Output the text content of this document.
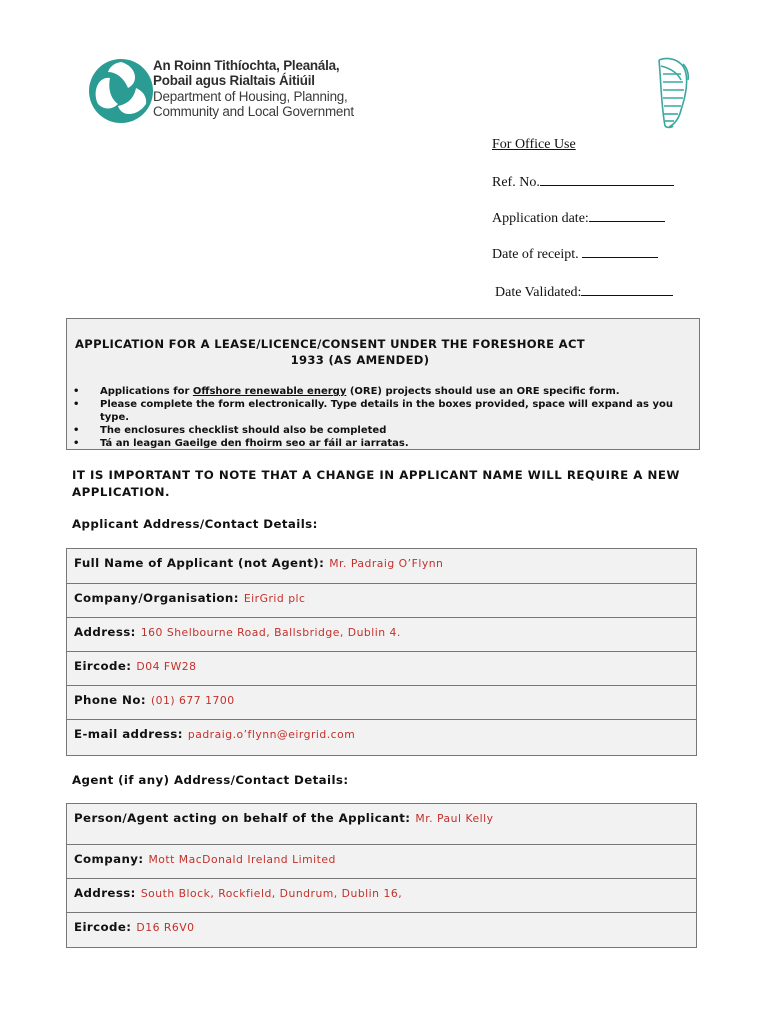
An Roinn Tithíochta, Pleanála,
Pobail agus Rialtais Áitiúil
Department of Housing, Planning,
Community and Local Government
For Office Use
Ref. No.
Application date:
Date of receipt.
Date Validated:
APPLICATION FOR A LEASE/LICENCE/CONSENT UNDER THE FORESHORE ACT
1933 (AS AMENDED)
• Applications for Offshore renewable energy (ORE) projects should use an ORE specific form.
• Please complete the form electronically. Type details in the boxes provided, space will expand as you type.
• The enclosures checklist should also be completed
• Tá an leagan Gaeilge den fhoirm seo ar fáil ar iarratas.
IT IS IMPORTANT TO NOTE THAT A CHANGE IN APPLICANT NAME WILL REQUIRE A NEW APPLICATION.
Applicant Address/Contact Details:
Full Name of Applicant (not Agent): Mr. Padraig O’Flynn
Company/Organisation: EirGrid plc
Address: 160 Shelbourne Road, Ballsbridge, Dublin 4.
Eircode: D04 FW28
Phone No: (01) 677 1700
E-mail address: padraig.o’flynn@eirgrid.com
Agent (if any) Address/Contact Details:
Person/Agent acting on behalf of the Applicant: Mr. Paul Kelly
Company: Mott MacDonald Ireland Limited
Address: South Block, Rockfield, Dundrum, Dublin 16,
Eircode: D16 R6V0
